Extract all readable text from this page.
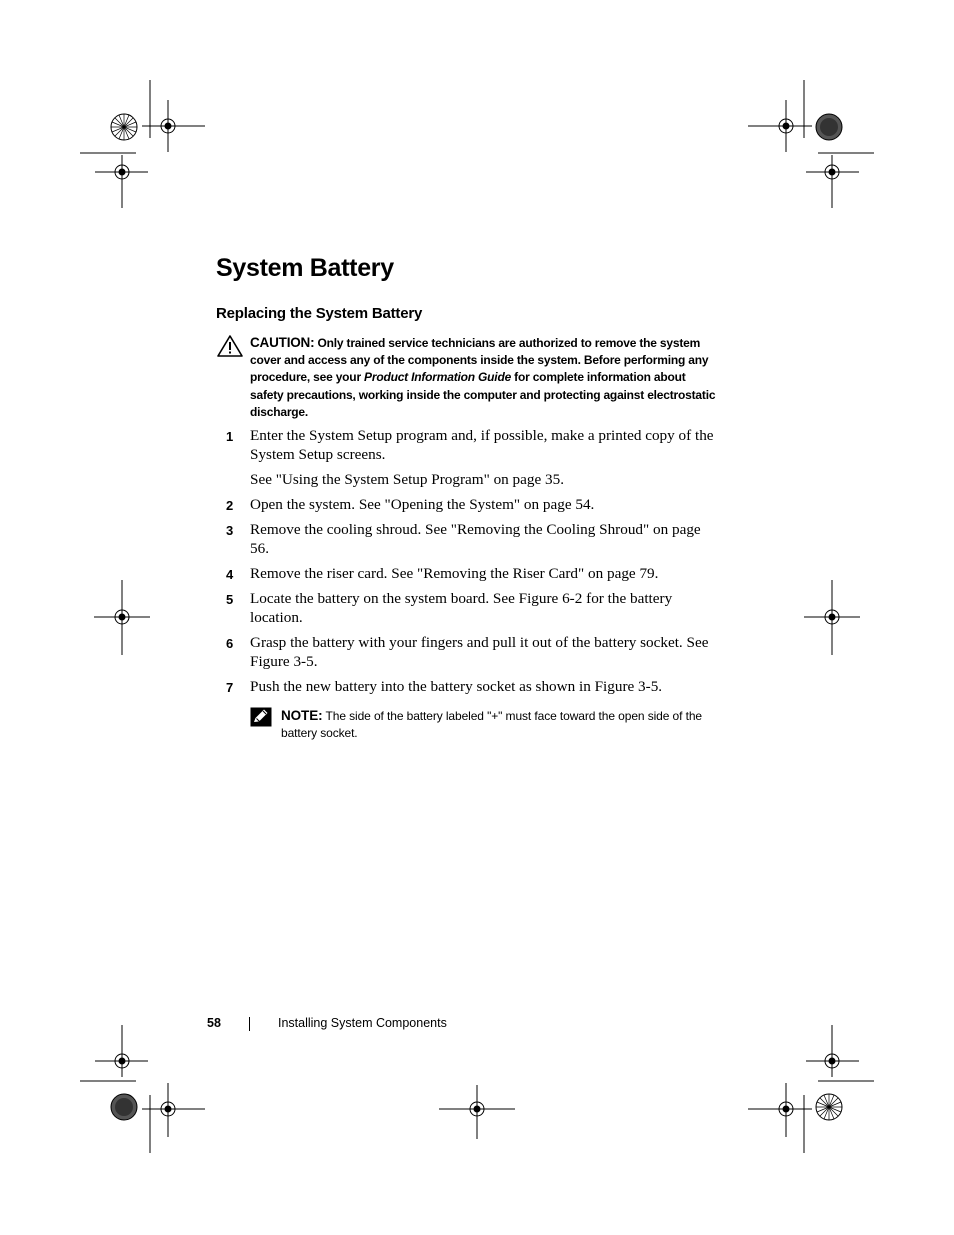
System Battery
Replacing the System Battery
CAUTION: Only trained service technicians are authorized to remove the system cover and access any of the components inside the system. Before performing any procedure, see your Product Information Guide for complete information about safety precautions, working inside the computer and protecting against electrostatic discharge.
1 Enter the System Setup program and, if possible, make a printed copy of the System Setup screens.
See "Using the System Setup Program" on page 35.
2 Open the system. See "Opening the System" on page 54.
3 Remove the cooling shroud. See "Removing the Cooling Shroud" on page 56.
4 Remove the riser card. See "Removing the Riser Card" on page 79.
5 Locate the battery on the system board. See Figure 6-2 for the battery location.
6 Grasp the battery with your fingers and pull it out of the battery socket. See Figure 3-5.
7 Push the new battery into the battery socket as shown in Figure 3-5.
NOTE: The side of the battery labeled "+" must face toward the open side of the battery socket.
58	Installing System Components
